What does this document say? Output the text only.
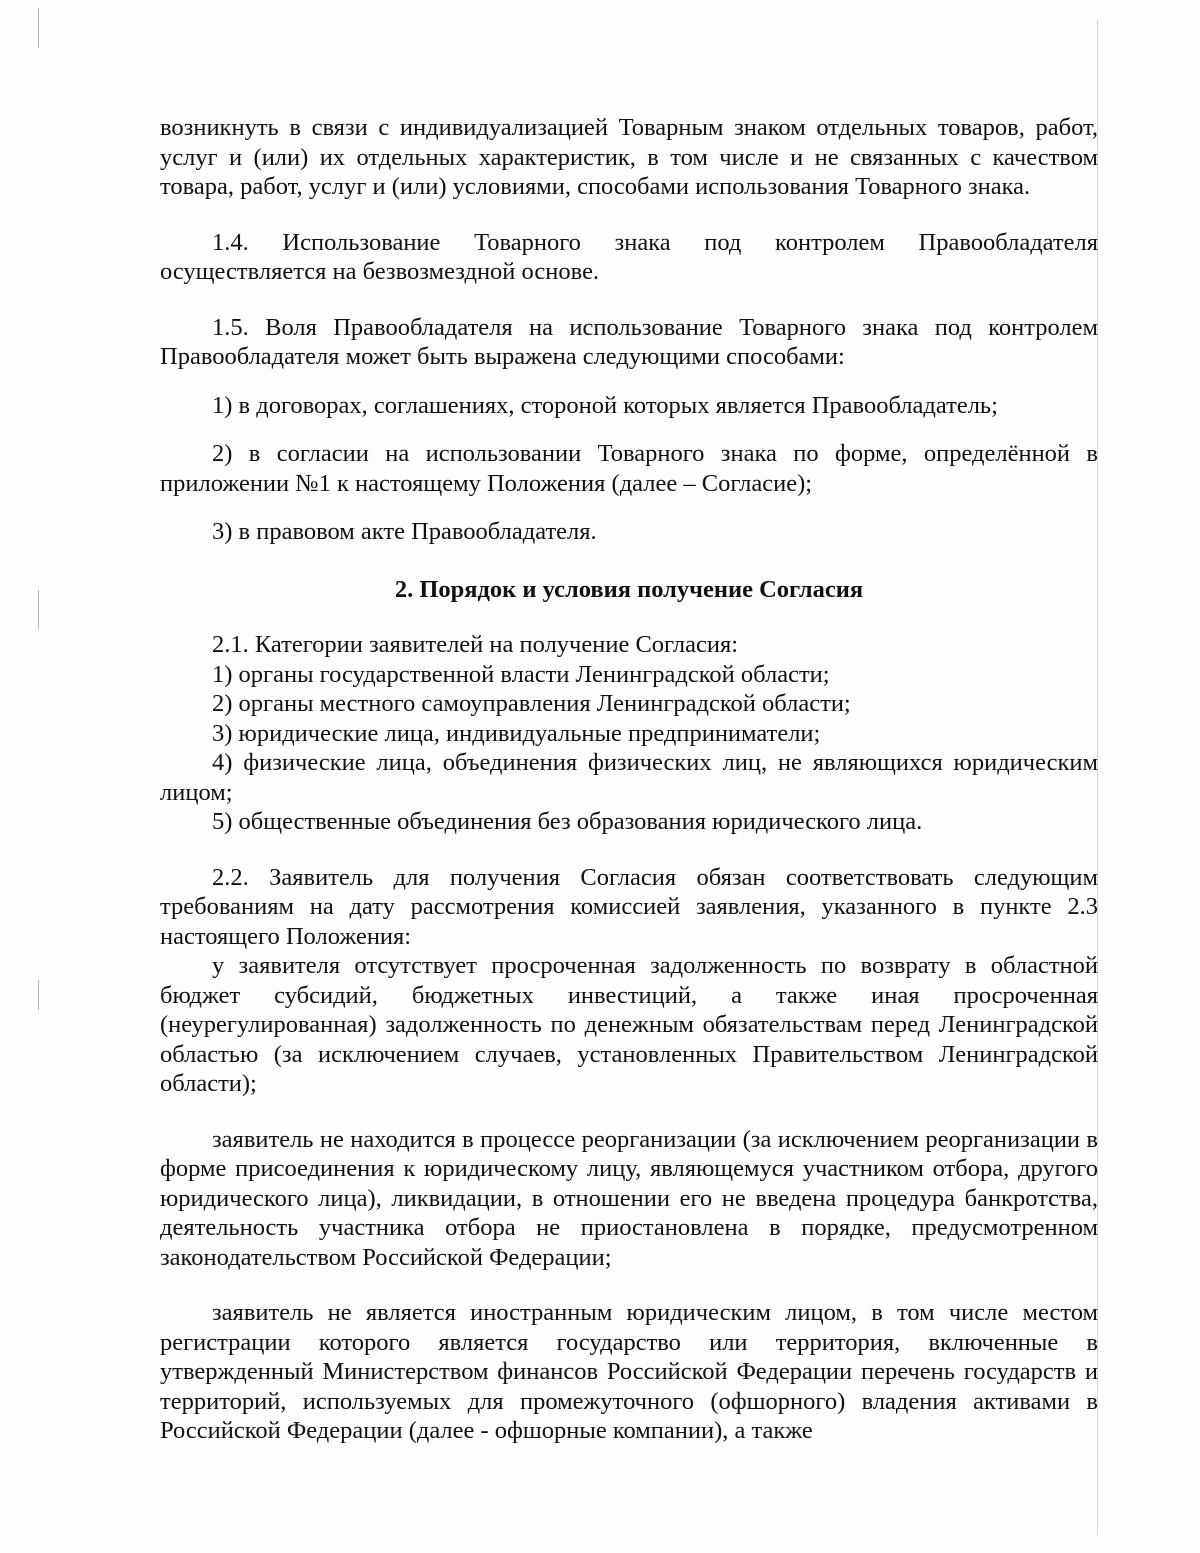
возникнуть в связи с индивидуализацией Товарным знаком отдельных товаров, работ, услуг и (или) их отдельных характеристик, в том числе и не связанных с качеством товара, работ, услуг и (или) условиями, способами использования Товарного знака.

1.4. Использование Товарного знака под контролем Правообладателя осуществляется на безвозмездной основе.

1.5. Воля Правообладателя на использование Товарного знака под контролем Правообладателя может быть выражена следующими способами:

1) в договорах, соглашениях, стороной которых является Правообладатель;

2) в согласии на использовании Товарного знака по форме, определённой в приложении №1 к настоящему Положения (далее – Согласие);

3) в правовом акте Правообладателя.

2. Порядок и условия получение Согласия

2.1. Категории заявителей на получение Согласия:

1) органы государственной власти Ленинградской области;

2) органы местного самоуправления Ленинградской области;

3) юридические лица, индивидуальные предприниматели;

4) физические лица, объединения физических лиц, не являющихся юридическим лицом;

5) общественные объединения без образования юридического лица.

2.2. Заявитель для получения Согласия обязан соответствовать следующим требованиям на дату рассмотрения комиссией заявления, указанного в пункте 2.3 настоящего Положения:

у заявителя отсутствует просроченная задолженность по возврату в областной бюджет субсидий, бюджетных инвестиций, а также иная просроченная (неурегулированная) задолженность по денежным обязательствам перед Ленинградской областью (за исключением случаев, установленных Правительством Ленинградской области);

заявитель не находится в процессе реорганизации (за исключением реорганизации в форме присоединения к юридическому лицу, являющемуся участником отбора, другого юридического лица), ликвидации, в отношении его не введена процедура банкротства, деятельность участника отбора не приостановлена в порядке, предусмотренном законодательством Российской Федерации;

заявитель не является иностранным юридическим лицом, в том числе местом регистрации которого является государство или территория, включенные в утвержденный Министерством финансов Российской Федерации перечень государств и территорий, используемых для промежуточного (офшорного) владения активами в Российской Федерации (далее - офшорные компании), а также
